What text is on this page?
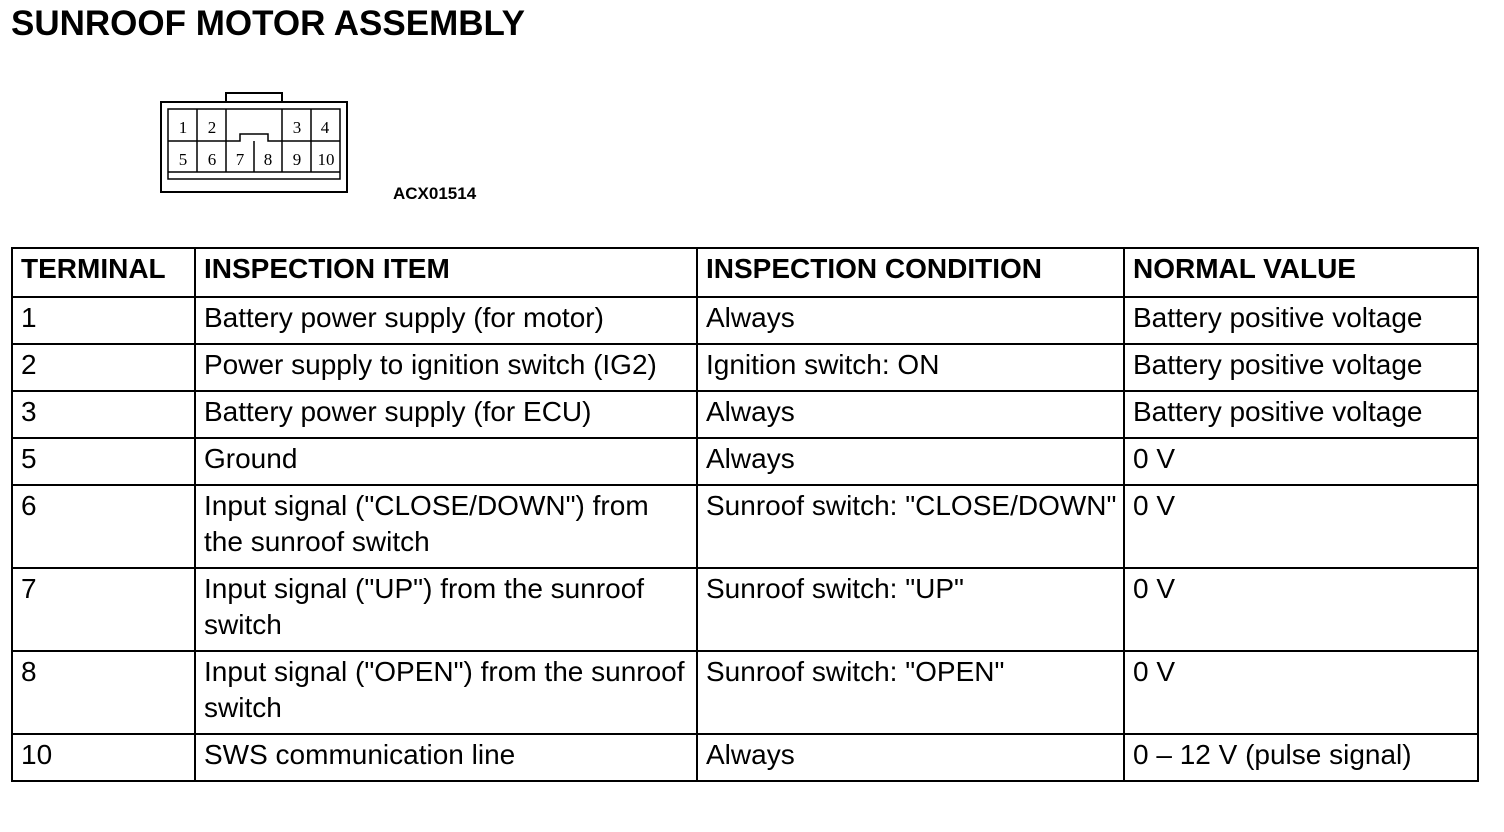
SUNROOF MOTOR ASSEMBLY
1 2	3 4
5 6 7 8 9 10
ACX01514
TERMINAL	INSPECTION ITEM	INSPECTION CONDITION	NORMAL VALUE
1	Battery power supply (for motor)	Always	Battery positive voltage
2	Power supply to ignition switch (IG2)	Ignition switch: ON	Battery positive voltage
3	Battery power supply (for ECU)	Always	Battery positive voltage
5	Ground	Always	0 V
6	Input signal ("CLOSE/DOWN") from the sunroof switch	Sunroof switch: "CLOSE/DOWN"	0 V
7	Input signal ("UP") from the sunroof switch	Sunroof switch: "UP"	0 V
8	Input signal ("OPEN") from the sunroof switch	Sunroof switch: "OPEN"	0 V
10	SWS communication line	Always	0 – 12 V (pulse signal)
